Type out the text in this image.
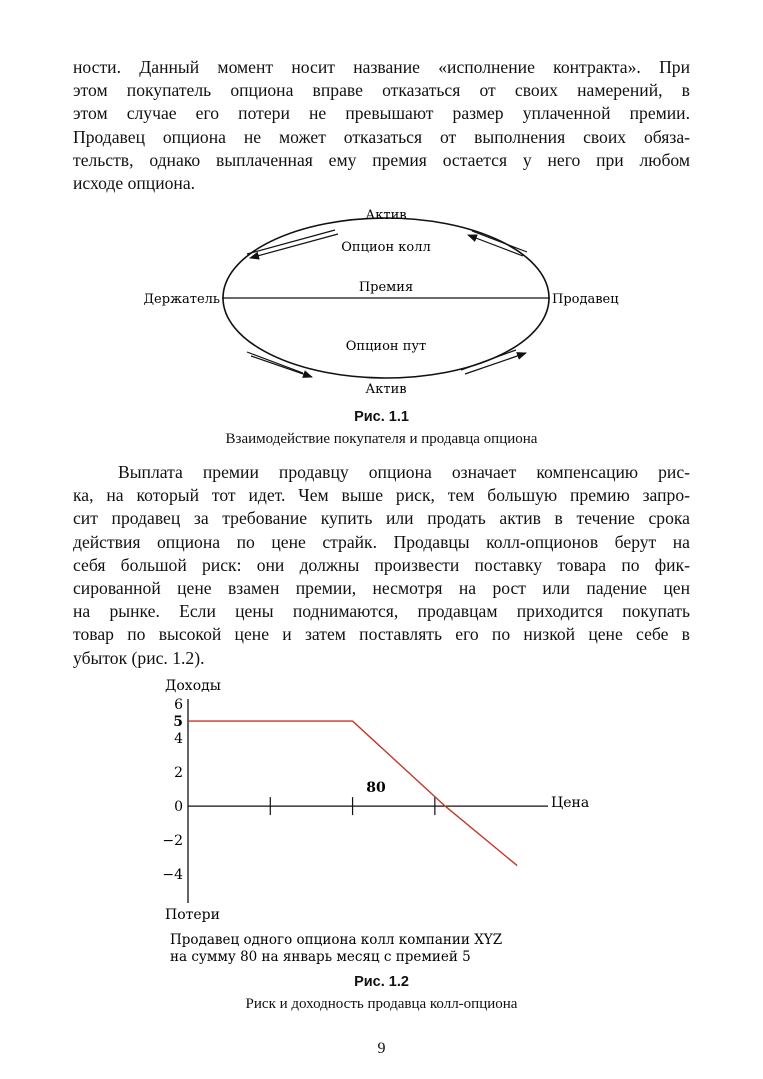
ности. Данный момент носит название «исполнение контракта». При
этом покупатель опциона вправе отказаться от своих намерений, в
этом случае его потери не превышают размер уплаченной премии.
Продавец опциона не может отказаться от выполнения своих обяза-
тельств, однако выплаченная ему премия остается у него при любом
исходе опциона.
Актив
Опцион колл
Премия
Опцион пут
Актив
Держатель	Продавец
Рис. 1.1
Взаимодействие покупателя и продавца опциона
Выплата премии продавцу опциона означает компенсацию рис-
ка, на который тот идет. Чем выше риск, тем большую премию запро-
сит продавец за требование купить или продать актив в течение срока
действия опциона по цене страйк. Продавцы колл-опционов берут на
себя большой риск: они должны произвести поставку товара по фик-
сированной цене взамен премии, несмотря на рост или падение цен
на рынке. Если цены поднимаются, продавцам приходится покупать
товар по высокой цене и затем поставлять его по низкой цене себе в
убыток (рис. 1.2).
Доходы
Потери
Цена
80
6
5
4
2
0
−2
−4
Продавец одного опциона колл компании XYZ
на сумму 80 на январь месяц с премией 5
Рис. 1.2
Риск и доходность продавца колл-опциона
9
